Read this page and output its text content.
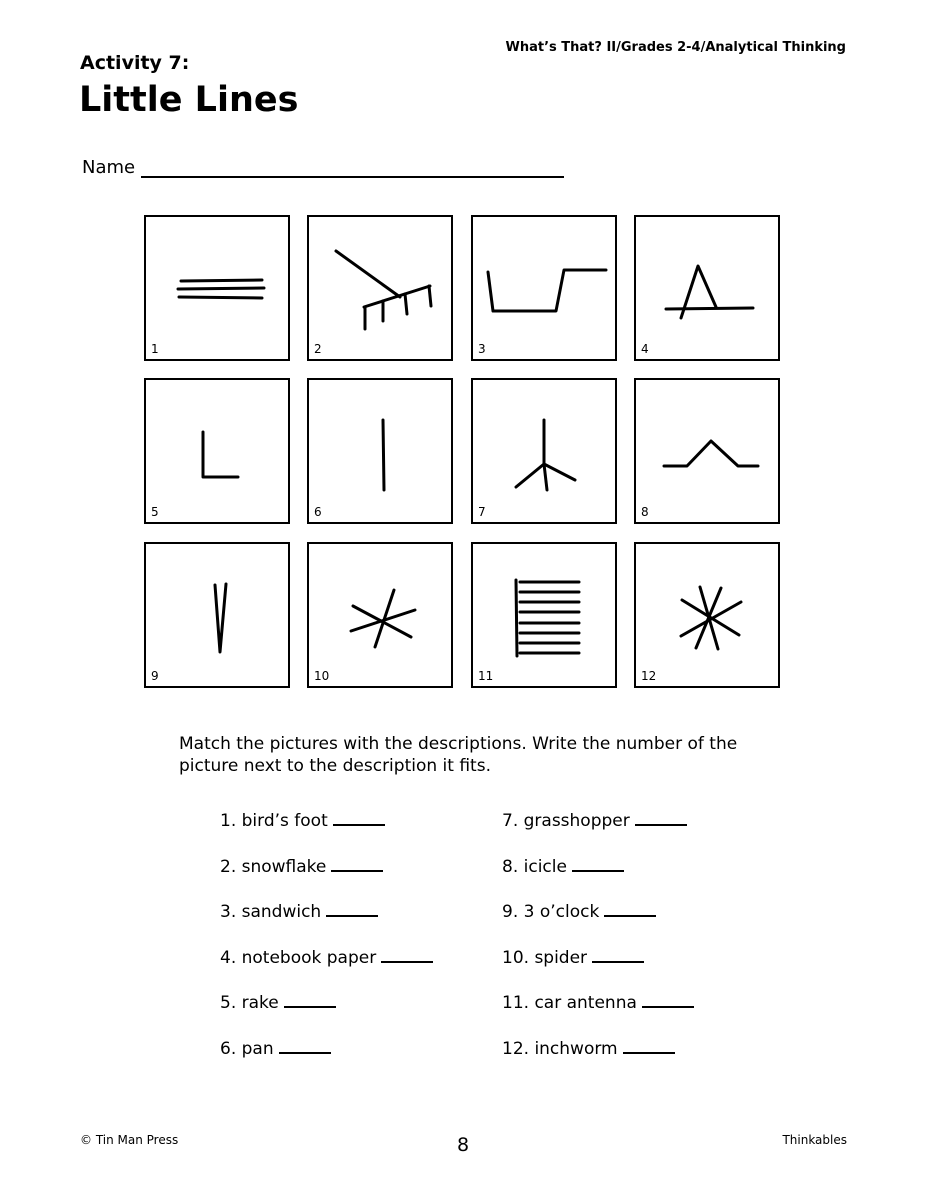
What’s That? II/Grades 2-4/Analytical Thinking
Activity 7:
Little Lines
Name
1	2	3	4
5	6	7	8
9	10	11	12
Match the pictures with the descriptions. Write the number of the picture next to the description it fits.
1. bird’s foot
2. snowflake
3. sandwich
4. notebook paper
5. rake
6. pan
7. grasshopper
8. icicle
9. 3 o’clock
10. spider
11. car antenna
12. inchworm
© Tin Man Press	8	Thinkables
